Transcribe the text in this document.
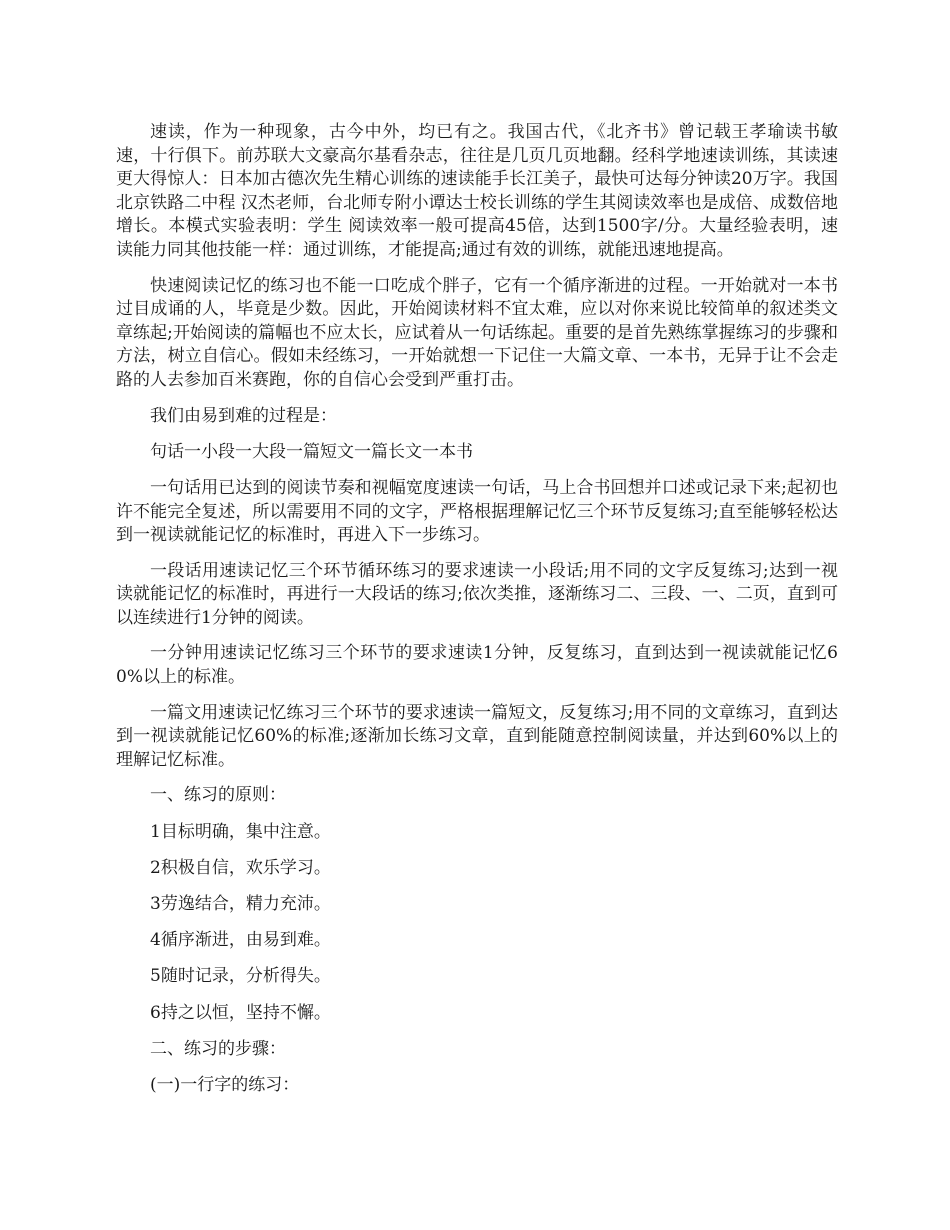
速读，作为一种现象，古今中外，均已有之。我国古代，《北齐书》曾记载王孝瑜读书敏速，十行俱下。前苏联大文豪高尔基看杂志，往往是几页几页地翻。经科学地速读训练，其读速更大得惊人：日本加古德次先生精心训练的速读能手长江美子，最快可达每分钟读20万字。我国北京铁路二中程 汉杰老师，台北师专附小谭达士校长训练的学生其阅读效率也是成倍、成数倍地增长。本模式实验表明：学生 阅读效率一般可提高45倍，达到1500字/分。大量经验表明，速读能力同其他技能一样：通过训练，才能提高;通过有效的训练，就能迅速地提高。

快速阅读记忆的练习也不能一口吃成个胖子，它有一个循序渐进的过程。一开始就对一本书过目成诵的人，毕竟是少数。因此，开始阅读材料不宜太难，应以对你来说比较简单的叙述类文章练起;开始阅读的篇幅也不应太长，应试着从一句话练起。重要的是首先熟练掌握练习的步骤和方法，树立自信心。假如未经练习，一开始就想一下记住一大篇文章、一本书，无异于让不会走路的人去参加百米赛跑，你的自信心会受到严重打击。

我们由易到难的过程是：

句话一小段一大段一篇短文一篇长文一本书

一句话用已达到的阅读节奏和视幅宽度速读一句话，马上合书回想并口述或记录下来;起初也许不能完全复述，所以需要用不同的文字，严格根据理解记忆三个环节反复练习;直至能够轻松达到一视读就能记忆的标准时，再进入下一步练习。

一段话用速读记忆三个环节循环练习的要求速读一小段话;用不同的文字反复练习;达到一视读就能记忆的标准时，再进行一大段话的练习;依次类推，逐渐练习二、三段、一、二页，直到可以连续进行1分钟的阅读。

一分钟用速读记忆练习三个环节的要求速读1分钟，反复练习，直到达到一视读就能记忆60%以上的标准。

一篇文用速读记忆练习三个环节的要求速读一篇短文，反复练习;用不同的文章练习，直到达到一视读就能记忆60%的标准;逐渐加长练习文章，直到能随意控制阅读量，并达到60%以上的理解记忆标准。

一、练习的原则：

1目标明确，集中注意。

2积极自信，欢乐学习。

3劳逸结合，精力充沛。

4循序渐进，由易到难。

5随时记录，分析得失。

6持之以恒，坚持不懈。

二、练习的步骤：

(一)一行字的练习：
